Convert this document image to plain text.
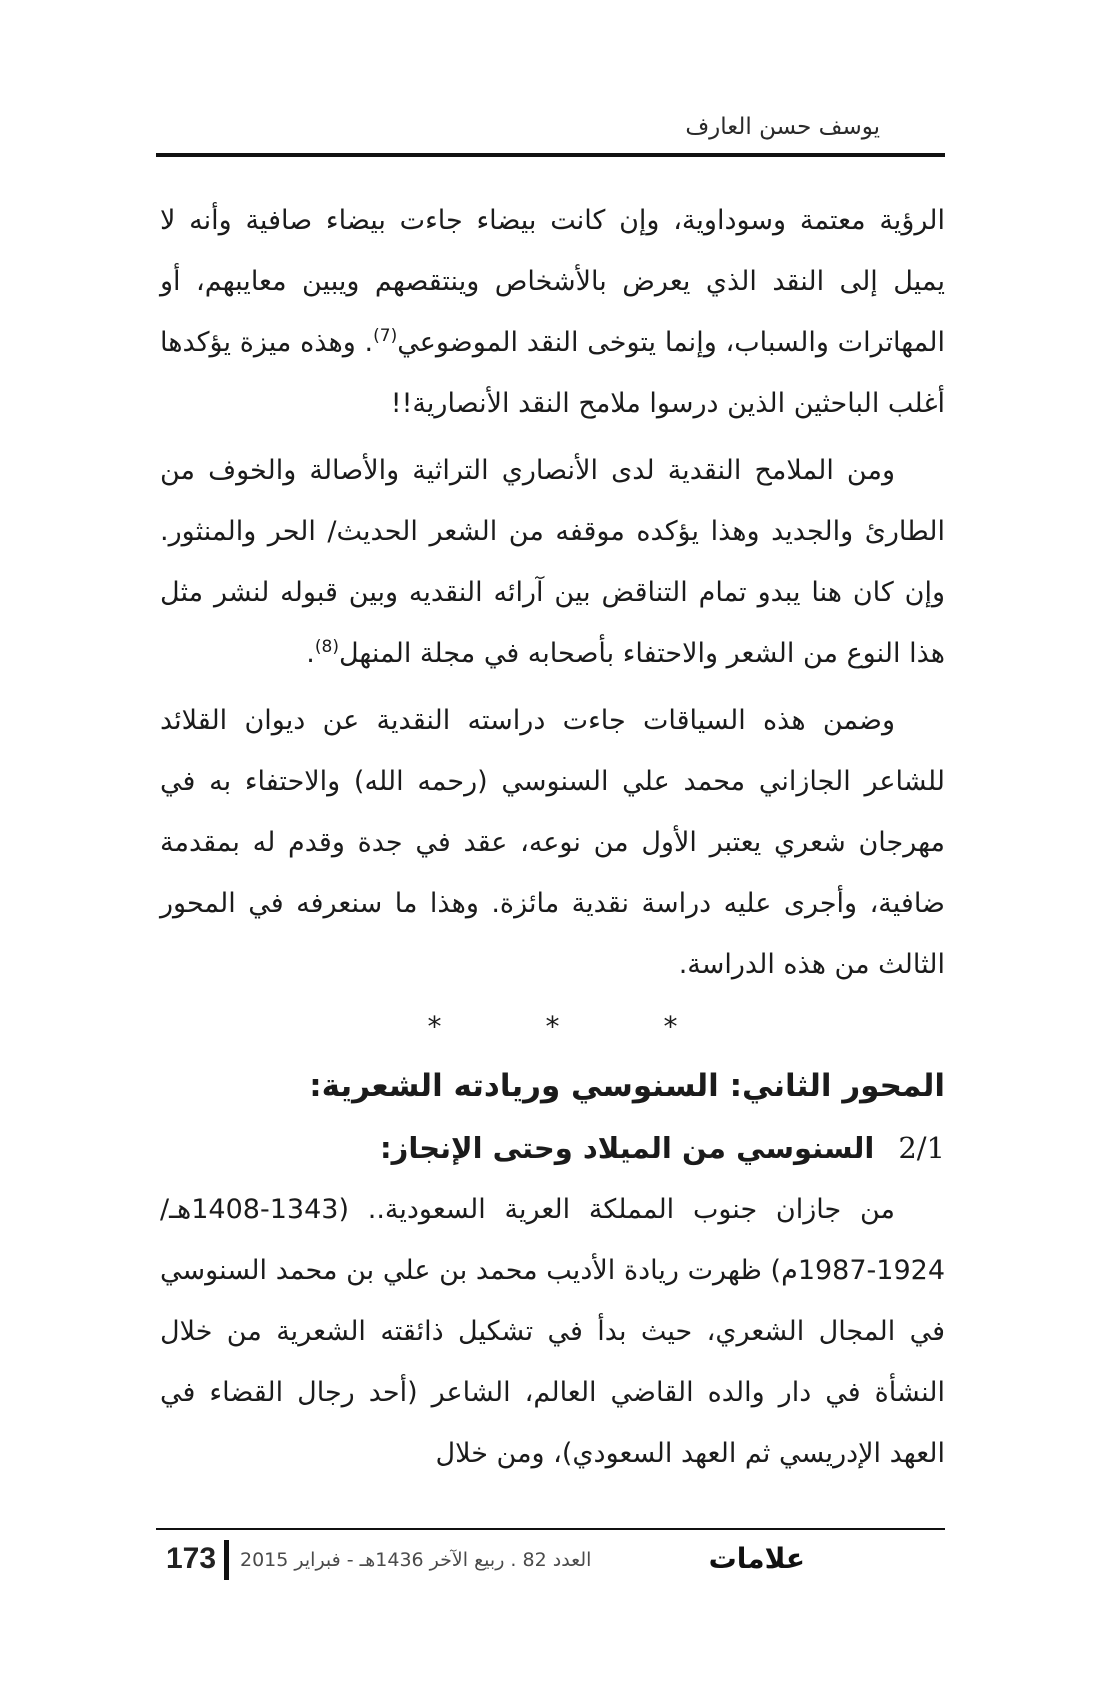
يوسف حسن العارف

الرؤية معتمة وسوداوية، وإن كانت بيضاء جاءت بيضاء صافية وأنه لا يميل إلى النقد الذي يعرض بالأشخاص وينتقصهم ويبين معايبهم، أو المهاترات والسباب، وإنما يتوخى النقد الموضوعي$^{(7)}$. وهذه ميزة يؤكدها أغلب الباحثين الذين درسوا ملامح النقد الأنصارية!!

ومن الملامح النقدية لدى الأنصاري التراثية والأصالة والخوف من الطارئ والجديد وهذا يؤكده موقفه من الشعر الحديث/ الحر والمنثور. وإن كان هنا يبدو تمام التناقض بين آرائه النقديه وبين قبوله لنشر مثل هذا النوع من الشعر والاحتفاء بأصحابه في مجلة المنهل$^{(8)}$.

وضمن هذه السياقات جاءت دراسته النقدية عن ديوان القلائد للشاعر الجازاني محمد علي السنوسي (رحمه الله) والاحتفاء به في مهرجان شعري يعتبر الأول من نوعه، عقد في جدة وقدم له بمقدمة ضافية، وأجرى عليه دراسة نقدية مائزة. وهذا ما سنعرفه في المحور الثالث من هذه الدراسة.

*	*	*
المحور الثاني: السنوسي وريادته الشعرية:
2/1السنوسي من الميلاد وحتى الإنجاز:

من جازان جنوب المملكة العرية السعودية.. (1343-1408هـ/ 1924-1987م) ظهرت ريادة الأديب محمد بن علي بن محمد السنوسي في المجال الشعري، حيث بدأ في تشكيل ذائقته الشعرية من خلال النشأة في دار والده القاضي العالم، الشاعر (أحد رجال القضاء في العهد الإدريسي ثم العهد السعودي)، ومن خلال

173 العدد 82 . ربيع الآخر 1436هـ - فبراير 2015	علامات
